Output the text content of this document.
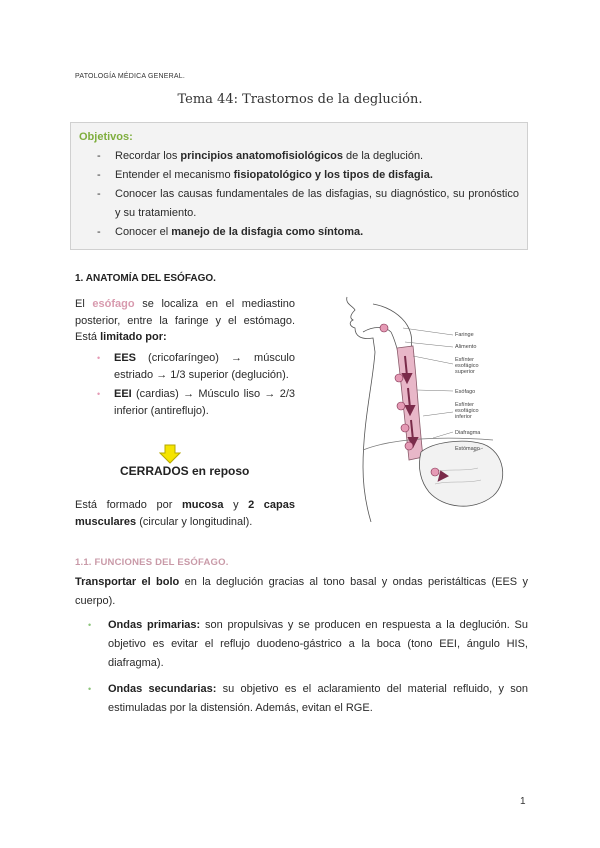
PATOLOGÍA MÉDICA GENERAL.
Tema 44: Trastornos de la deglución.
Objetivos:
- Recordar los principios anatomofisiológicos de la deglución.
- Entender el mecanismo fisiopatológico y los tipos de disfagia.
- Conocer las causas fundamentales de las disfagias, su diagnóstico, su pronóstico y su tratamiento.
- Conocer el manejo de la disfagia como síntoma.
1. ANATOMÍA DEL ESÓFAGO.
El esófago se localiza en el mediastino posterior, entre la faringe y el estómago. Está limitado por:
• EES (cricofaríngeo) → músculo estriado → 1/3 superior (deglución).
• EEI (cardias) → Músculo liso → 2/3 inferior (antireflujo).
CERRADOS en reposo
Está formado por mucosa y 2 capas musculares (circular y longitudinal).
Faringe
Alimento
Esfínter
esofágico
superior
Esófago
Esfínter
esofágico
inferior
Diafragma
Estómago
1.1. FUNCIONES DEL ESÓFAGO.
Transportar el bolo en la deglución gracias al tono basal y ondas peristálticas (EES y cuerpo).
• Ondas primarias: son propulsivas y se producen en respuesta a la deglución. Su objetivo es evitar el reflujo duodeno-gástrico a la boca (tono EEI, ángulo HIS, diafragma).
• Ondas secundarias: su objetivo es el aclaramiento del material refluido, y son estimuladas por la distensión. Además, evitan el RGE.
1
